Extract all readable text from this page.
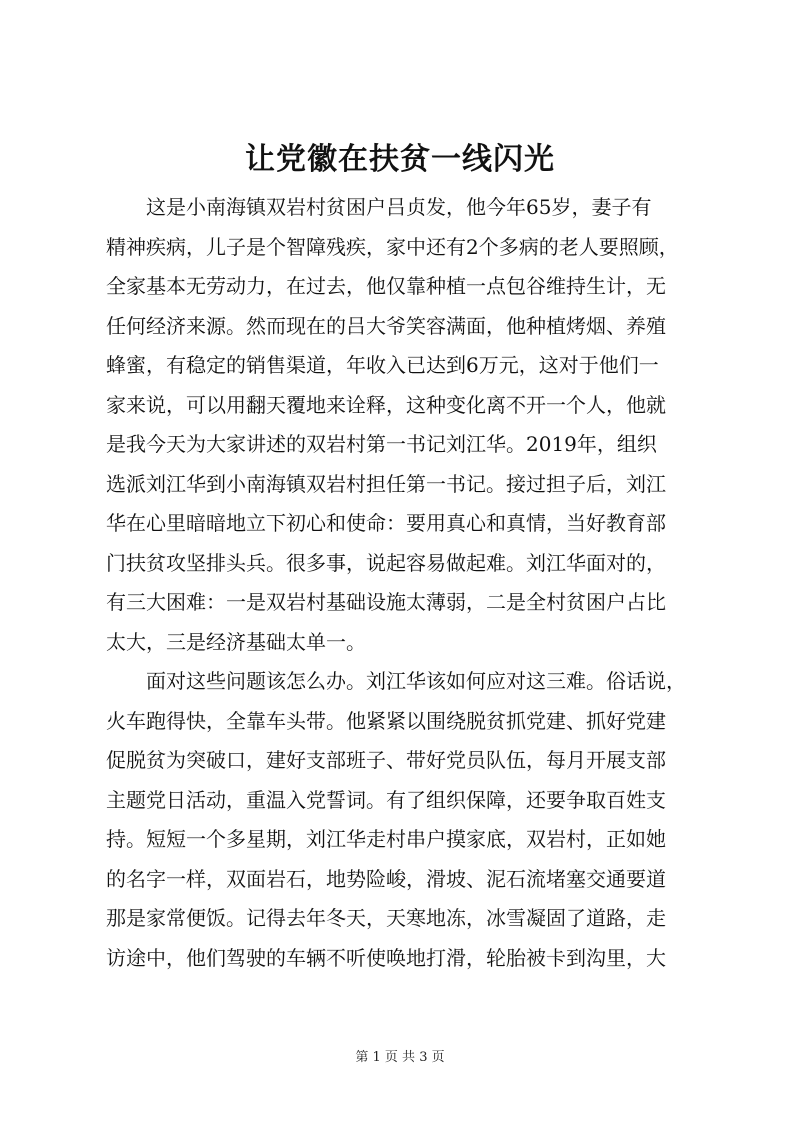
让党徽在扶贫一线闪光
这是小南海镇双岩村贫困户吕贞发，他今年65岁，妻子有
精神疾病，儿子是个智障残疾，家中还有2个多病的老人要照顾，
全家基本无劳动力，在过去，他仅靠种植一点包谷维持生计，无
任何经济来源。然而现在的吕大爷笑容满面，他种植烤烟、养殖
蜂蜜，有稳定的销售渠道，年收入已达到6万元，这对于他们一
家来说，可以用翻天覆地来诠释，这种变化离不开一个人，他就
是我今天为大家讲述的双岩村第一书记刘江华。2019年，组织
选派刘江华到小南海镇双岩村担任第一书记。接过担子后，刘江
华在心里暗暗地立下初心和使命：要用真心和真情，当好教育部
门扶贫攻坚排头兵。很多事，说起容易做起难。刘江华面对的，
有三大困难：一是双岩村基础设施太薄弱，二是全村贫困户占比
太大，三是经济基础太单一。
面对这些问题该怎么办。刘江华该如何应对这三难。俗话说，
火车跑得快，全靠车头带。他紧紧以围绕脱贫抓党建、抓好党建
促脱贫为突破口，建好支部班子、带好党员队伍，每月开展支部
主题党日活动，重温入党誓词。有了组织保障，还要争取百姓支
持。短短一个多星期，刘江华走村串户摸家底，双岩村，正如她
的名字一样，双面岩石，地势险峻，滑坡、泥石流堵塞交通要道
那是家常便饭。记得去年冬天，天寒地冻，冰雪凝固了道路，走
访途中，他们驾驶的车辆不听使唤地打滑，轮胎被卡到沟里，大
第 1 页 共 3 页
